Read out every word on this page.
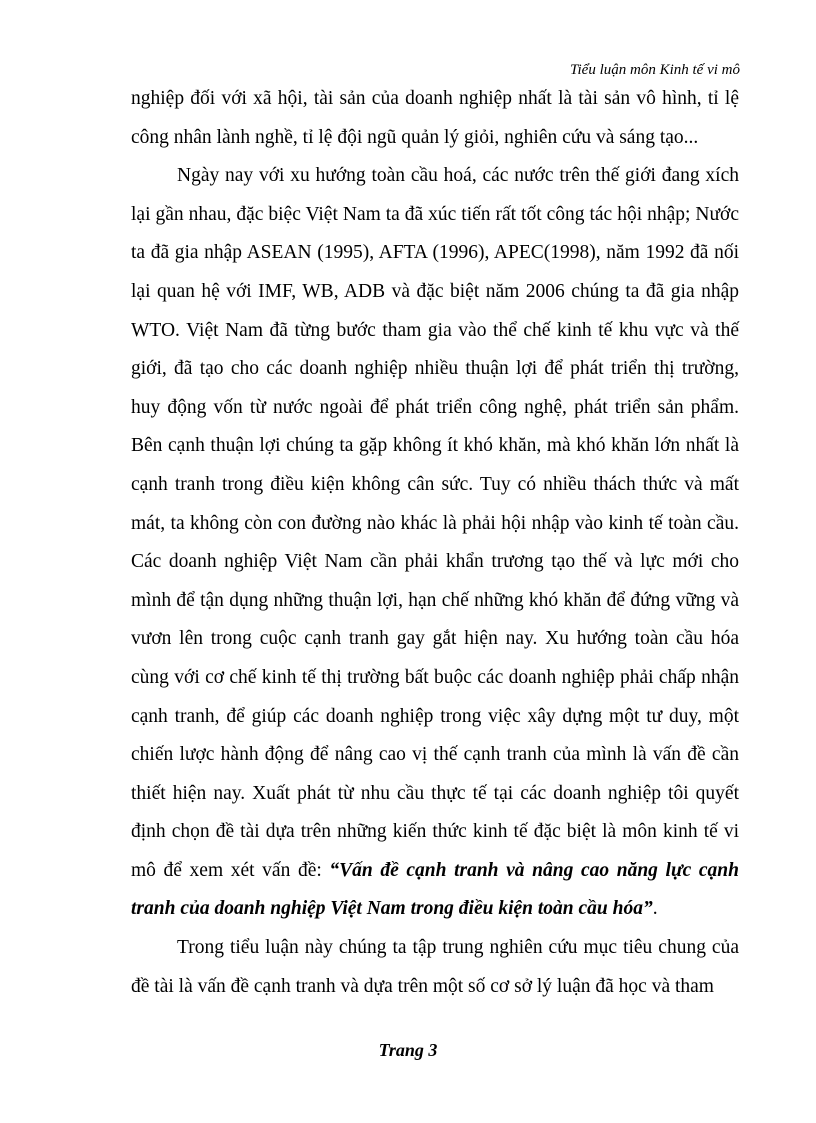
Tiểu luận môn Kinh tế vi mô

nghiệp đối với xã hội, tài sản của doanh nghiệp nhất là tài sản vô hình, tỉ lệ công nhân lành nghề, tỉ lệ đội ngũ quản lý giỏi, nghiên cứu và sáng tạo...

Ngày nay với xu hướng toàn cầu hoá, các nước trên thế giới đang xích lại gần nhau, đặc biệc Việt Nam ta đã xúc tiến rất tốt công tác hội nhập; Nước ta đã gia nhập ASEAN (1995), AFTA (1996), APEC(1998), năm 1992 đã nối lại quan hệ với IMF, WB, ADB và đặc biệt năm 2006 chúng ta đã gia nhập WTO. Việt Nam đã từng bước tham gia vào thể chế kinh tế khu vực và thế giới, đã tạo cho các doanh nghiệp nhiều thuận lợi để phát triển thị trường, huy động vốn từ nước ngoài để phát triển công nghệ, phát triển sản phẩm. Bên cạnh thuận lợi chúng ta gặp không ít khó khăn, mà khó khăn lớn nhất là cạnh tranh trong điều kiện không cân sức. Tuy có nhiều thách thức và mất mát, ta không còn con đường nào khác là phải hội nhập vào kinh tế toàn cầu. Các doanh nghiệp Việt Nam cần phải khẩn trương tạo thế và lực mới cho mình để tận dụng những thuận lợi, hạn chế những khó khăn để đứng vững và vươn lên trong cuộc cạnh tranh gay gắt hiện nay. Xu hướng toàn cầu hóa cùng với cơ chế kinh tế thị trường bất buộc các doanh nghiệp phải chấp nhận cạnh tranh, để giúp các doanh nghiệp trong việc xây dựng một tư duy, một chiến lược hành động để nâng cao vị thế cạnh tranh của mình là vấn đề cần thiết hiện nay. Xuất phát từ nhu cầu thực tế tại các doanh nghiệp tôi quyết định chọn đề tài dựa trên những kiến thức kinh tế đặc biệt là môn kinh tế vi mô để xem xét vấn đề: “Vấn đề cạnh tranh và nâng cao năng lực cạnh tranh của doanh nghiệp Việt Nam trong điều kiện toàn cầu hóa”.

Trong tiểu luận này chúng ta tập trung nghiên cứu mục tiêu chung của đề tài là vấn đề cạnh tranh và dựa trên một số cơ sở lý luận đã học và tham

Trang 3
